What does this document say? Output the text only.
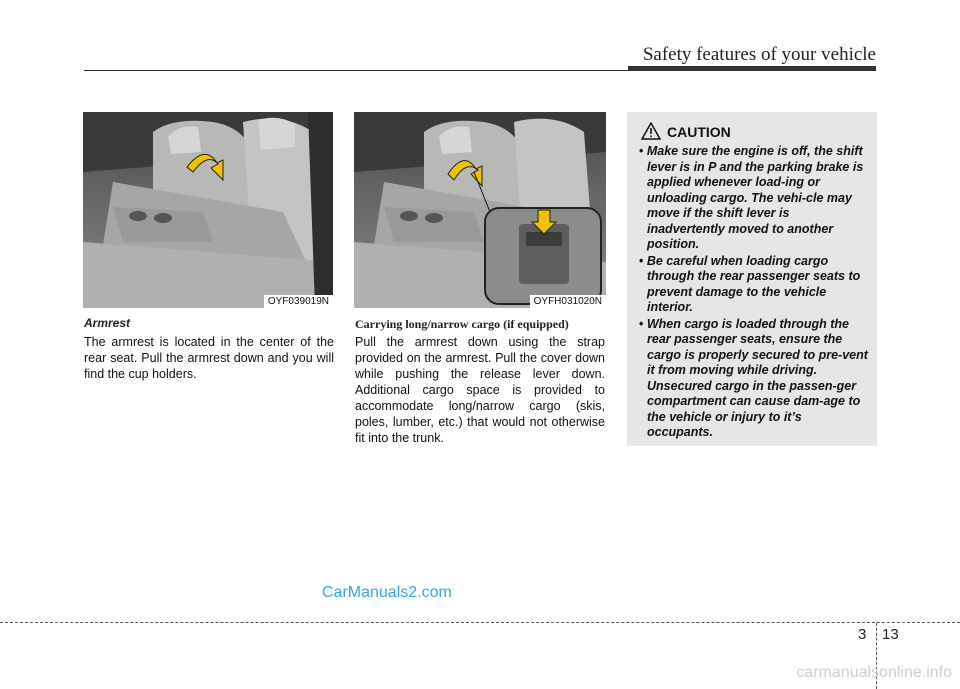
Safety features of your vehicle
OYF039019N	OYFH031020N
Armrest
The armrest is located in the center of the rear seat. Pull the armrest down and you will find the cup holders.
Carrying long/narrow cargo (if equipped)
Pull the armrest down using the strap provided on the armrest. Pull the cover down while pushing the release lever down. Additional cargo space is provided to accommodate long/narrow cargo (skis, poles, lumber, etc.) that would not otherwise fit into the trunk.
CAUTION
• Make sure the engine is off, the shift lever is in P and the parking brake is applied whenever load-ing or unloading cargo. The vehi-cle may move if the shift lever is inadvertently moved to another position.
• Be careful when loading cargo through the rear passenger seats to prevent damage to the vehicle interior.
• When cargo is loaded through the rear passenger seats, ensure the cargo is properly secured to pre-vent it from moving while driving. Unsecured cargo in the passen-ger compartment can cause dam-age to the vehicle or injury to it’s occupants.
CarManuals2.com
3 13
carmanualsonline.info
